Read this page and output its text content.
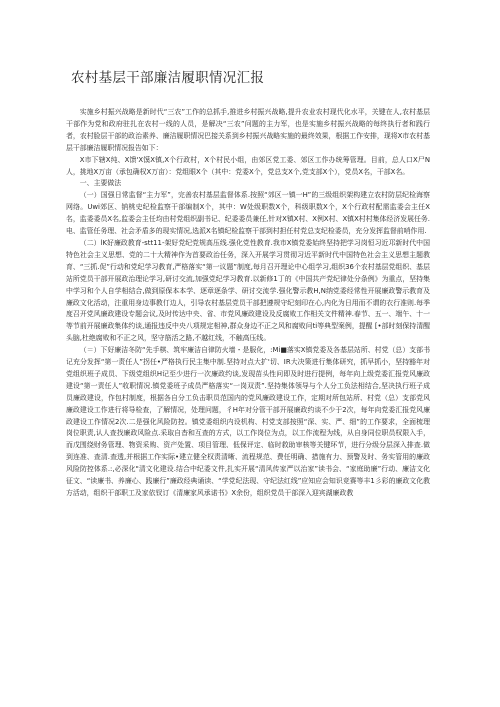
农村基层干部廉洁履职情况汇报

实施乡村振兴战略是新时代“三农”工作的总抓手,推进乡村振兴战略,提升农业农村现代化水平，关键在人,农村基层干部作为党和政府驻扎在农村一线的人员，是解决“三农”问题的主力军，也是实施乡村振兴战略的每终执行者和践行者，农村脸层干部的政治素养、廉洁履职情况巴接关系到乡村振兴战略实施的最终效果，根据工作安排，现将X市农村基层干部廉洁履职情况报告如下：

X市下辖X纯、X馈'X馍X镇,X个行政村，X个村民小组，由郊区党工委、郊区工作办统筹管理。目前，总人口X尸N人，挑地X万亩（承包确权X万亩）：党组眼X个（其中：党委X个，党总支X个,党支部X个），党员X名，干部X名。

一、主要做法

（一）国强日常监督“主力军”，完善农村基层监督体系.按照“郊区一镇一H”的三级组织架构建立农村防层纪检海察网络。Uwi郊区、钠桃史纪检监察干部编制X个，其中：W处级职数X个，科级职数X个，X个行政村配需监委会主任X名，监委委员X名,监委会主任均由村党组织副书记、纪委委员兼任,针对X镇X村、X例X村、X镇X村村集体经济发展任务.电、监管任务理、社会矛盾多的现实情况,选派X名镇纪检监察干部到村担任村党总支纪检委员，充分发挥监督前哨作用.

（二）lK好廉政教育-stt11-架好党纪党规高压线.强化党性教育.我市X镇党委始终坚持把学习岗恒习近邛新时代中国特色社会主义思想、党的二十大精神作为首要政治任务，深入开展学习贯彻习近平新时代中国特色社会主义思想主题教育、“三抓.促”行动和党纪学习教育,严格落实“第一议题”制度,每月召开理论中心组学习,组织36个农村基层党组织、基层站所党员干部开展政治理论学习,研讨交流,加强党纪学习教育.以新修1丁的《中国共产党纪律处分条例》为重点，坚持集中学习和个人自学相结合,做到原保本本学、逐章逐条学、研讨交流学.强化警示教H,N纳党委经常性开展廉政警示教育及廉政文化活动，注重用身边事教仃边人，引导农村基层党员干部把遵规守纪刻印在心,内化为日用而不谓的衣行准则.每季度召开党风廉政建设专题会议,及时传达中央、省、市党风廉政建设及反腐败工作相关文件精神.春节、五一、端午、十一等节前开展廉政集体约谈,通报违反中央八项规定相神,群众身边不正之风和腐败问ti等典型案例，提醒 [•部时刻保持清醒头脑,杜绝腐败和不正之风，坚守筋活之路,不越红线，不触高压线。

（＝）下好廉洁冬防“先手棋、筑牢廉洁自律防火墙・是服化，:Mi■落实X镇党委及各基层站所、村党（总）支部书记充分发挥“第一责任人”拐任•严格执行民主集中制.坚持对点大扩'切、IR大决策进行集体研究，抓早抓小，坚持豁年对党组织班子成员、下级党组织H记至少进行一次廉政约谈,发现苗头性问即及时进行提例，每年向上级党委汇报党风廉政建设“第一责任人”收职情况.镇党委班子成员严格落实“一岗双责”.坚持集体领导与个人分工负法相结合,坚决执行班子成员廉政建设，作包村制度，根据各自分工负击职员范国内的党风廉政建设工作，定期对所包站所、村党（总）支部党风廉政建设工作进行将导检查，了解情况，处理问题，彳H年对分管干部开展廉政约谈不少于2次，每年向党委汇报党风廉政建设工作情况2次.二是强化风险防控。镇党委组织内设机构、村党支部按照“深、实、严、细”的工作要求，全面梳理岗位职责,认人查找廉政风险点.采取自杳和互查的方式，以工作岗位为点，以工作流程为线，从自身同位职员权限入手，而戊围绕财务管理、物资采购、资产处置、项目管理、低保评定、临时救助审核等关键环节，进行分级分层深入排查.做到连准、查清.查透,并根据工作实际•建立健全权责清晰、流程规范、费任明确、措施有力、预警及时、务实管用的廉政风险防控体系.:,必深化"清文化建设.结合中纪委文件,扎实开展“清风传家严以治家”读书会、“家庭助廉”行动、廉洁文化征文、“读廉书、养廉心、践廉行”廉政经典诵读、“学党纪法现、守纪法红线”应知应会知识竞赛等丰1彡彩的廉政文化教方活动，组织干部职工及家依钗订《清廉家风承诺书》X余份，组织党员干部深入迎宾湖廉政教
